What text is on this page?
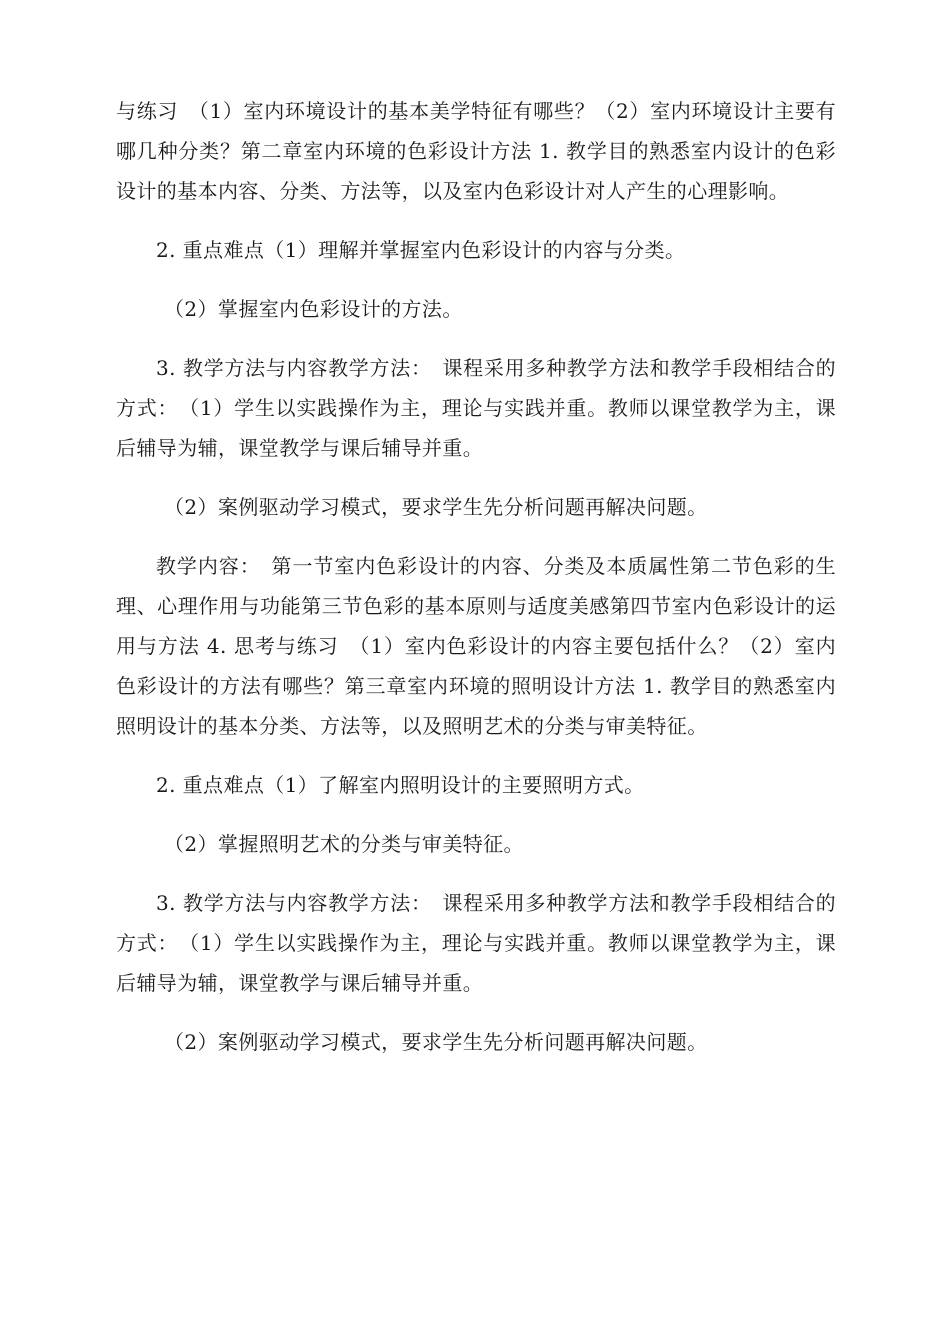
与练习　（1）室内环境设计的基本美学特征有哪些？（2）室内环境设计主要有哪几种分类？第二章室内环境的色彩设计方法 1. 教学目的熟悉室内设计的色彩设计的基本内容、分类、方法等，以及室内色彩设计对人产生的心理影响。

2. 重点难点（1）理解并掌握室内色彩设计的内容与分类。

（2）掌握室内色彩设计的方法。

3. 教学方法与内容教学方法：　课程采用多种教学方法和教学手段相结合的方式：　（1）学生以实践操作为主，理论与实践并重。教师以课堂教学为主，课后辅导为辅，课堂教学与课后辅导并重。

（2）案例驱动学习模式，要求学生先分析问题再解决问题。

教学内容：　第一节室内色彩设计的内容、分类及本质属性第二节色彩的生理、心理作用与功能第三节色彩的基本原则与适度美感第四节室内色彩设计的运用与方法 4. 思考与练习　（1）室内色彩设计的内容主要包括什么？（2）室内色彩设计的方法有哪些？第三章室内环境的照明设计方法 1. 教学目的熟悉室内照明设计的基本分类、方法等，以及照明艺术的分类与审美特征。

2. 重点难点（1）了解室内照明设计的主要照明方式。

（2）掌握照明艺术的分类与审美特征。

3. 教学方法与内容教学方法：　课程采用多种教学方法和教学手段相结合的方式：　（1）学生以实践操作为主，理论与实践并重。教师以课堂教学为主，课后辅导为辅，课堂教学与课后辅导并重。

（2）案例驱动学习模式，要求学生先分析问题再解决问题。
